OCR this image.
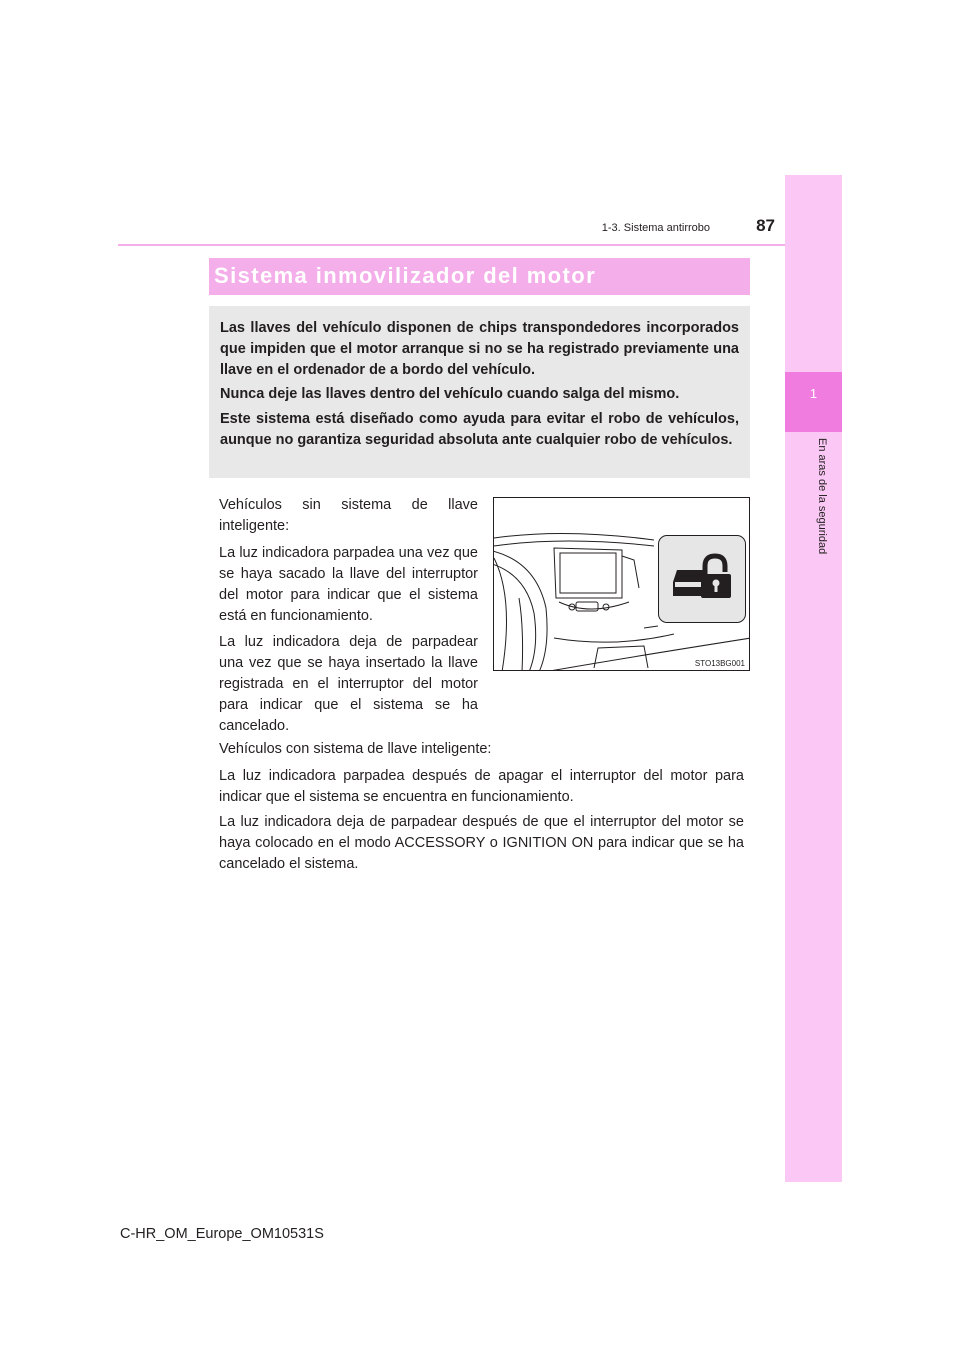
1
En aras de la seguridad
87
1-3. Sistema antirrobo
Sistema inmovilizador del motor

Las llaves del vehículo disponen de chips transpondedores incorporados que impiden que el motor arranque si no se ha registrado previamente una llave en el ordenador de a bordo del vehículo.

Nunca deje las llaves dentro del vehículo cuando salga del mismo.

Este sistema está diseñado como ayuda para evitar el robo de vehículos, aunque no garantiza seguridad absoluta ante cualquier robo de vehículos.

Vehículos sin sistema de llave inteligente:

La luz indicadora parpadea una vez que se haya sacado la llave del interruptor del motor para indicar que el sistema está en funcionamiento.

La luz indicadora deja de parpadear una vez que se haya insertado la llave registrada en el interruptor del motor para indicar que el sistema se ha cancelado.

Vehículos con sistema de llave inteligente:

La luz indicadora parpadea después de apagar el interruptor del motor para indicar que el sistema se encuentra en funcionamiento.

La luz indicadora deja de parpadear después de que el interruptor del motor se haya colocado en el modo ACCESSORY o IGNITION ON para indicar que se ha cancelado el sistema.

STO13BG001
C-HR_OM_Europe_OM10531S
